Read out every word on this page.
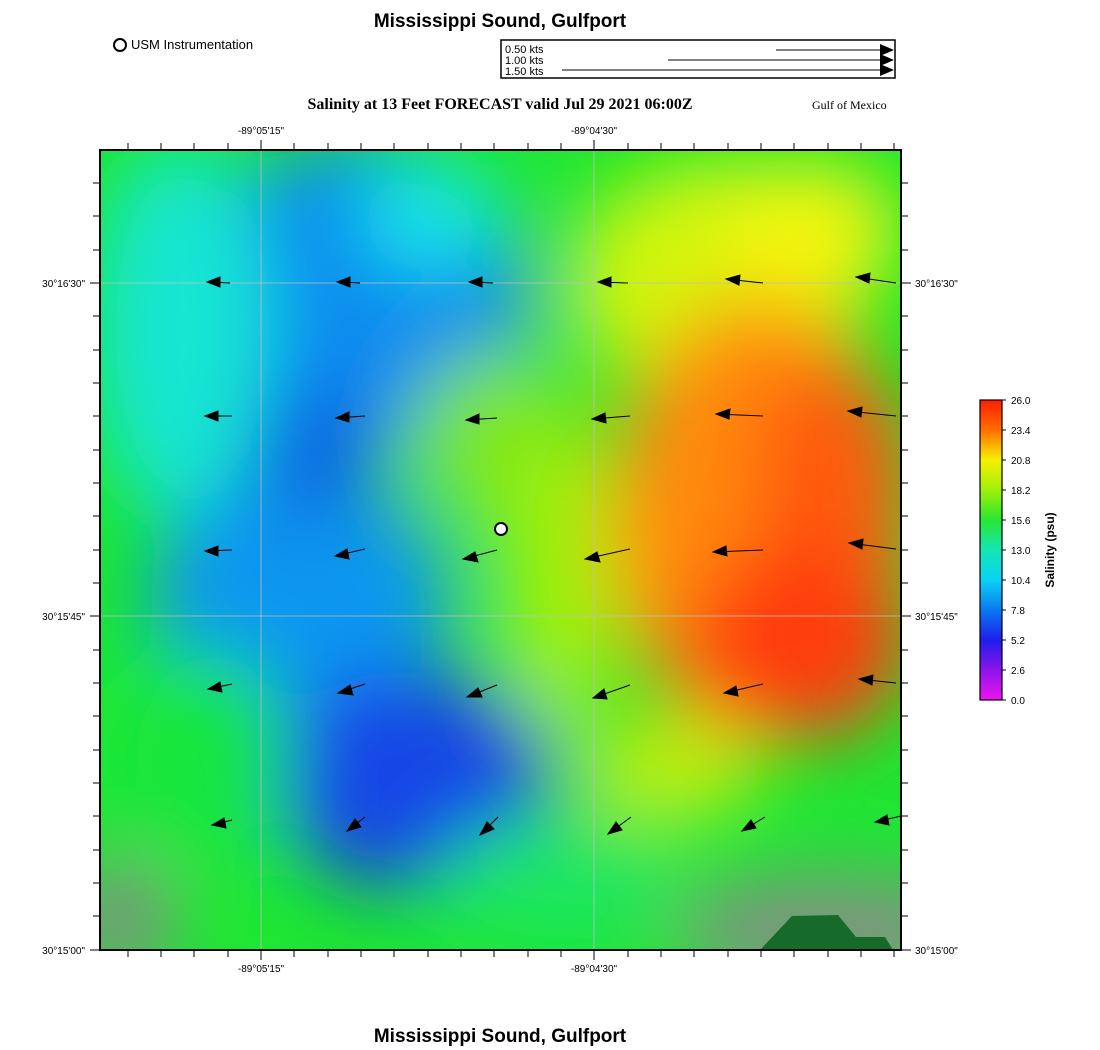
Mississippi Sound, Gulfport
USM Instrumentation	0.50 kts
1.00 kts
1.50 kts
Salinity at 13 Feet FORECAST valid Jul 29 2021 06:00Z	Gulf of Mexico
-89°05'15"	-89°04'30"
-89°05'15"	-89°04'30"
30°16'30"
30°15'45"
30°15'00"
30°16'30"
30°15'45"
30°15'00"
26.0
23.4
20.8
18.2
15.6
13.0
10.4
7.8
5.2
2.6
0.0
Salinity (psu)
Mississippi Sound, Gulfport
